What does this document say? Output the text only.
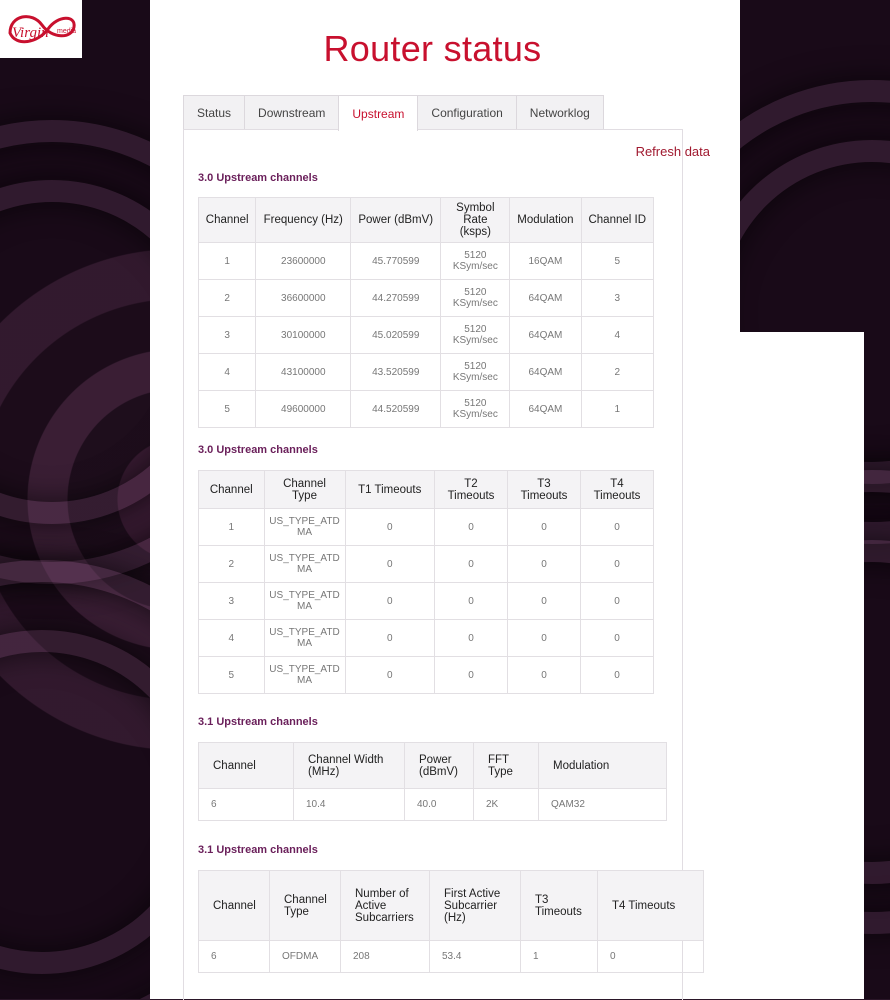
Virgin media	Router status
Status	Downstream	Upstream	Configuration	Networklog
Refresh data
3.0 Upstream channels
Channel	Frequency (Hz)	Power (dBmV)	Symbol Rate (ksps)	Modulation	Channel ID
1	23600000	45.770599	5120 KSym/sec	16QAM	5
2	36600000	44.270599	5120 KSym/sec	64QAM	3
3	30100000	45.020599	5120 KSym/sec	64QAM	4
4	43100000	43.520599	5120 KSym/sec	64QAM	2
5	49600000	44.520599	5120 KSym/sec	64QAM	1
3.0 Upstream channels
Channel	Channel Type	T1 Timeouts	T2 Timeouts	T3 Timeouts	T4 Timeouts
1	US_TYPE_ATDMA	0	0	0	0
2	US_TYPE_ATDMA	0	0	0	0
3	US_TYPE_ATDMA	0	0	0	0
4	US_TYPE_ATDMA	0	0	0	0
5	US_TYPE_ATDMA	0	0	0	0
3.1 Upstream channels
Channel	Channel Width (MHz)	Power (dBmV)	FFT Type	Modulation
6	10.4	40.0	2K	QAM32
3.1 Upstream channels
Channel	Channel Type	Number of Active Subcarriers	First Active Subcarrier (Hz)	T3 Timeouts	T4 Timeouts
6	OFDMA	208	53.4	1	0
